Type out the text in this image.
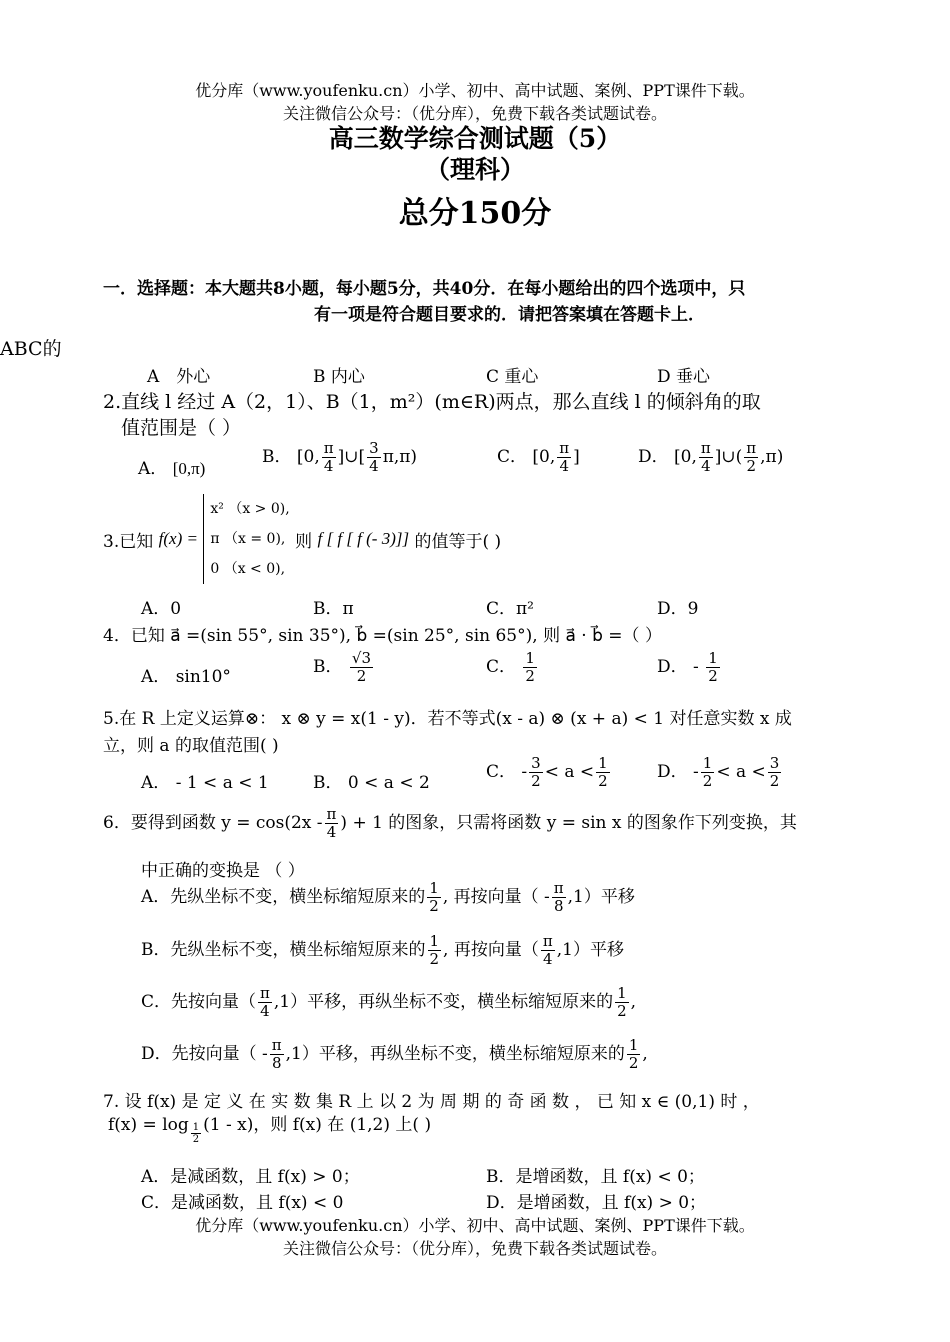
优分库（www.youfenku.cn）小学、初中、高中试题、案例、PPT课件下载。
关注微信公众号：（优分库），免费下载各类试题试卷。
高三数学综合测试题（5）
（理科）
总分150分
一．选择题：本大题共8小题，每小题5分，共40分．在每小题给出的四个选项中，只
有一项是符合题目要求的．请把答案填在答题卡上．
ABC的
A　外心	B 内心	C 重心	D 垂心
2.直线 l 经过 A（2，1）、B（1，m²）(m∈R)两点，那么直线 l 的倾斜角的取
值范围是（ ）
A． [0,π)
B． [0, $\frac{\pi}{4}$ ]∪[ $\frac{3}{4} \pi,\pi$)	C． [0, $\frac{\pi}{4}$ ]	D． [0, $\frac{\pi}{4}$ ]∪( $\frac{\pi}{2} ,\pi$)
3.已知 f(x) =
x² （x > 0),
π （x = 0),
0 （x < 0),
则 f [ f [ f (- 3)]] 的值等于( )
A．0	B．π	C．π²	D．9
4．已知 a⃗ =(sin 55°, sin 35°), b⃗ =(sin 25°, sin 65°), 则 a⃗ · b⃗ =（ ）
A． sin10°	B． $\frac{√3}{2}$	C． $\frac{1}{2}$	D． - $\frac{1}{2}$
5.在 R 上定义运算⊗： x ⊗ y = x(1 - y)．若不等式(x - a) ⊗ (x + a) < 1 对任意实数 x 成
立，则 a 的取值范围( )
A． - 1 < a < 1	B． 0 < a < 2
C． - $\frac{3}{2} < a < \frac{1}{2}$	D． - $\frac{1}{2} < a < \frac{3}{2}$
6．要得到函数 $y = \cos(2x - \frac{\pi}{4}$ ) + 1 的图象，只需将函数 y = sin x 的图象作下列变换，其
中正确的变换是 （ ）
A．先纵坐标不变，横坐标缩短原来的 $\frac{1}{2}$ , 再按向量（ - $\frac{\pi}{8} ,1$）平移
B．先纵坐标不变，横坐标缩短原来的 $\frac{1}{2}$ , 再按向量（ $\frac{\pi}{4} ,1$）平移
C．先按向量（ $\frac{\pi}{4} ,1$）平移，再纵坐标不变，横坐标缩短原来的 $\frac{1}{2}$ ,
D．先按向量（ - $\frac{\pi}{8} ,1$）平移，再纵坐标不变，横坐标缩短原来的 $\frac{1}{2}$ ,
7. 设 f(x) 是 定 义 在 实 数 集 R 上 以 2 为 周 期 的 奇 函 数 ， 已 知 x ∈ (0,1) 时 ，
$f(x) = \log \frac{1}{2} (1 - x)$，则 f(x) 在 (1,2) 上( )
A．是减函数，且 f(x) > 0；	B．是增函数，且 f(x) < 0；
C．是减函数，且 f(x) < 0	D．是增函数，且 f(x) > 0；
优分库（www.youfenku.cn）小学、初中、高中试题、案例、PPT课件下载。
关注微信公众号：（优分库），免费下载各类试题试卷。
